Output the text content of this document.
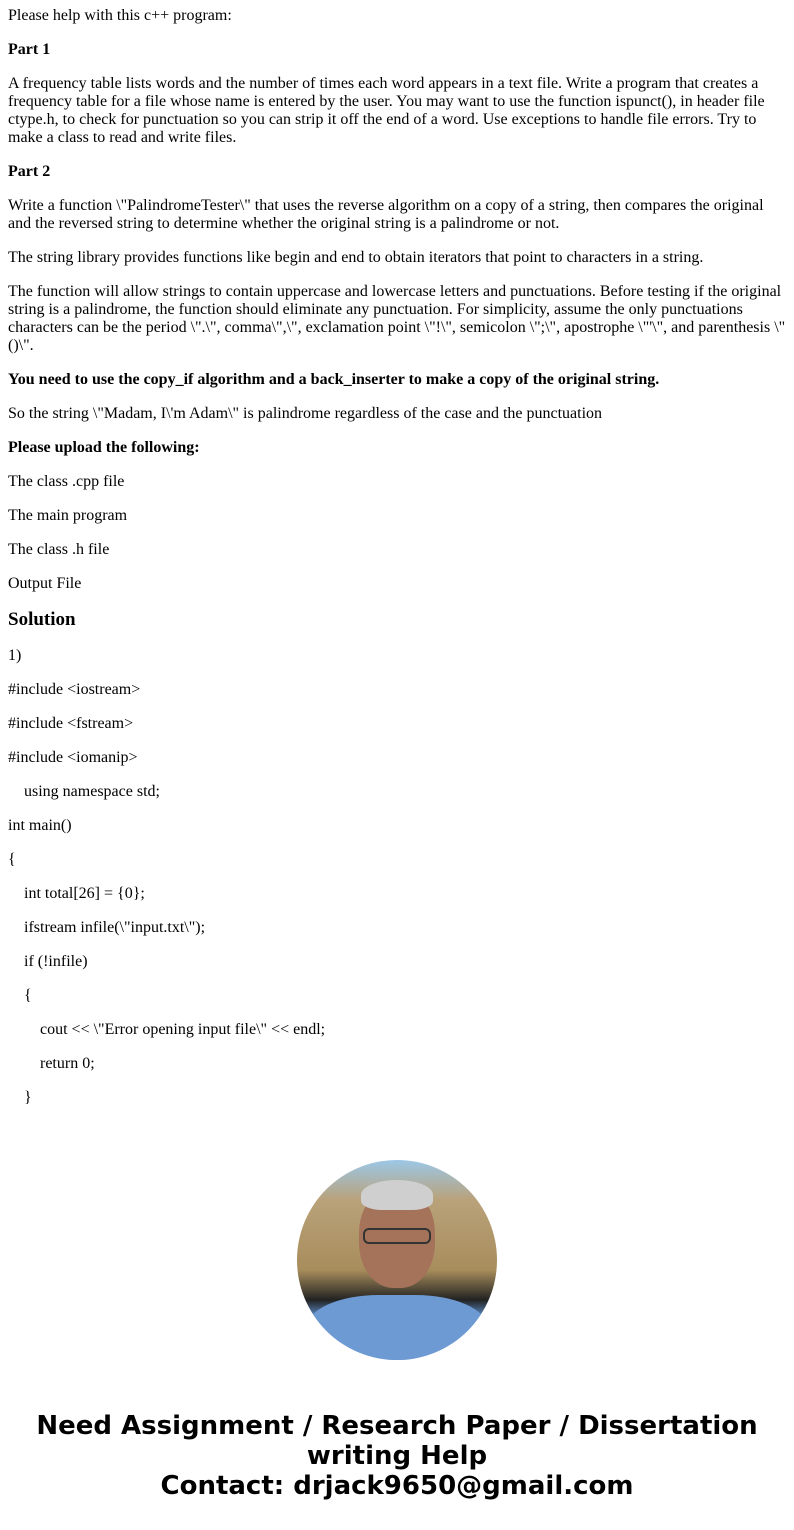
Please help with this c++ program:

Part 1

A frequency table lists words and the number of times each word appears in a text file. Write a program that creates a frequency table for a file whose name is entered by the user. You may want to use the function ispunct(), in header file ctype.h, to check for punctuation so you can strip it off the end of a word. Use exceptions to handle file errors. Try to make a class to read and write files.

Part 2

Write a function \"PalindromeTester\" that uses the reverse algorithm on a copy of a string, then compares the original and the reversed string to determine whether the original string is a palindrome or not.

The string library provides functions like begin and end to obtain iterators that point to characters in a string.

The function will allow strings to contain uppercase and lowercase letters and punctuations. Before testing if the original string is a palindrome, the function should eliminate any punctuation. For simplicity, assume the only punctuations characters can be the period \".\", comma\",\", exclamation point \"!\", semicolon \";\", apostrophe \"'\", and parenthesis \"()\".

You need to use the copy_if algorithm and a back_inserter to make a copy of the original string.

So the string \"Madam, I\'m Adam\" is palindrome regardless of the case and the punctuation

Please upload the following:

The class .cpp file

The main program

The class .h file

Output File

Solution

1)

#include <iostream>

#include <fstream>

#include <iomanip>

using namespace std;

int main()

{

int total[26] = {0};

ifstream infile(\"input.txt\");

if (!infile)

{

cout << \"Error opening input file\" << endl;

return 0;

}

Need Assignment / Research Paper / Dissertation
writing Help
Contact: drjack9650@gmail.com
